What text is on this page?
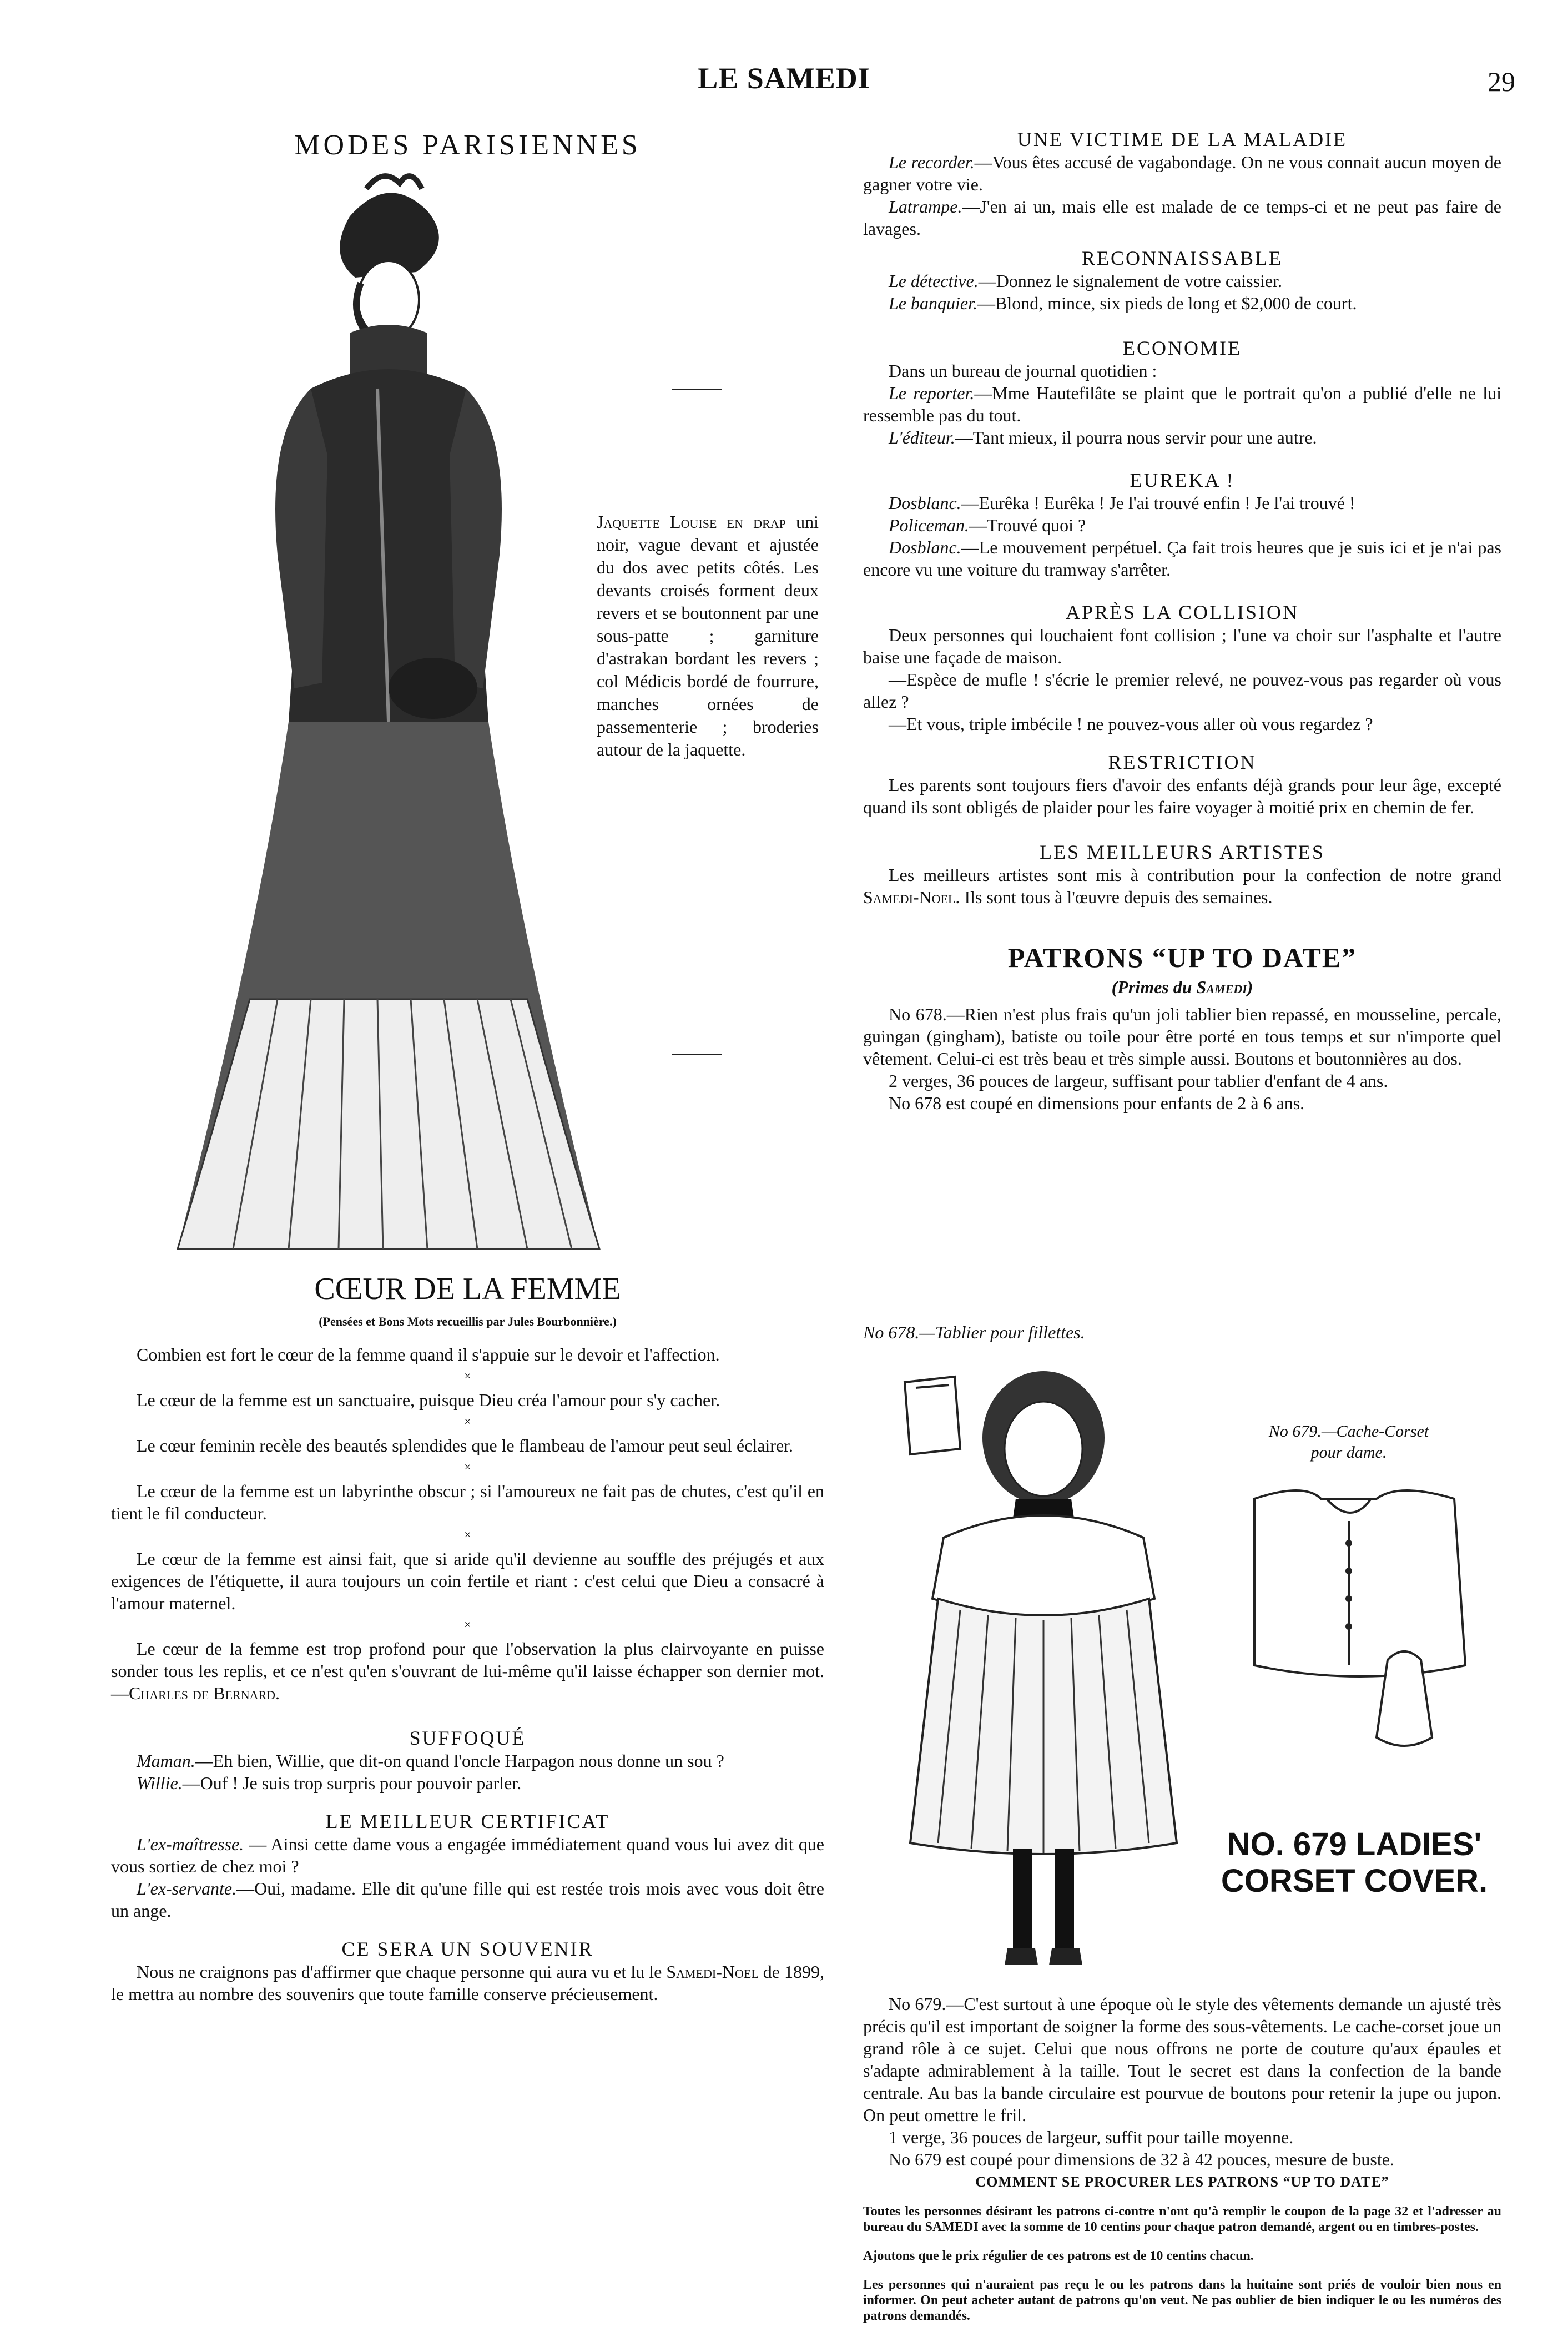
LE SAMEDI	29
MODES PARISIENNES
Jaquette Louise en drap uni noir, vague devant et ajustée du dos avec petits côtés. Les devants croisés forment deux revers et se boutonnent par une sous-patte ; garniture d'astrakan bordant les revers ; col Médicis bordé de fourrure, manches ornées de passementerie ; broderies autour de la jaquette.
CŒUR DE LA FEMME
(Pensées et Bons Mots recueillis par Jules Bourbonnière.)

Combien est fort le cœur de la femme quand il s'appuie sur le devoir et l'affection.

×

Le cœur de la femme est un sanctuaire, puisque Dieu créa l'amour pour s'y cacher.

×

Le cœur feminin recèle des beautés splendides que le flambeau de l'amour peut seul éclairer.

×

Le cœur de la femme est un labyrinthe obscur ; si l'amoureux ne fait pas de chutes, c'est qu'il en tient le fil conducteur.

×

Le cœur de la femme est ainsi fait, que si aride qu'il devienne au souffle des préjugés et aux exigences de l'étiquette, il aura toujours un coin fertile et riant : c'est celui que Dieu a consacré à l'amour maternel.

×

Le cœur de la femme est trop profond pour que l'observation la plus clairvoyante en puisse sonder tous les replis, et ce n'est qu'en s'ouvrant de lui-même qu'il laisse échapper son dernier mot.—Charles de Bernard.

SUFFOQUÉ

Maman.—Eh bien, Willie, que dit-on quand l'oncle Harpagon nous donne un sou ?

Willie.—Ouf ! Je suis trop surpris pour pouvoir parler.

LE MEILLEUR CERTIFICAT

L'ex-maîtresse. — Ainsi cette dame vous a engagée immédiatement quand vous lui avez dit que vous sortiez de chez moi ?

L'ex-servante.—Oui, madame. Elle dit qu'une fille qui est restée trois mois avec vous doit être un ange.

CE SERA UN SOUVENIR

Nous ne craignons pas d'affirmer que chaque personne qui aura vu et lu le Samedi-Noel de 1899, le mettra au nombre des souvenirs que toute famille conserve précieusement.

UNE VICTIME DE LA MALADIE

Le recorder.—Vous êtes accusé de vagabondage. On ne vous connait aucun moyen de gagner votre vie.

Latrampe.—J'en ai un, mais elle est malade de ce temps-ci et ne peut pas faire de lavages.

RECONNAISSABLE

Le détective.—Donnez le signalement de votre caissier.

Le banquier.—Blond, mince, six pieds de long et $2,000 de court.

ECONOMIE

Dans un bureau de journal quotidien :

Le reporter.—Mme Hautefilâte se plaint que le portrait qu'on a publié d'elle ne lui ressemble pas du tout.

L'éditeur.—Tant mieux, il pourra nous servir pour une autre.

EUREKA !

Dosblanc.—Eurêka ! Eurêka ! Je l'ai trouvé enfin ! Je l'ai trouvé !

Policeman.—Trouvé quoi ?

Dosblanc.—Le mouvement perpétuel. Ça fait trois heures que je suis ici et je n'ai pas encore vu une voiture du tramway s'arrêter.

APRÈS LA COLLISION

Deux personnes qui louchaient font collision ; l'une va choir sur l'asphalte et l'autre baise une façade de maison.

—Espèce de mufle ! s'écrie le premier relevé, ne pouvez-vous pas regarder où vous allez ?

—Et vous, triple imbécile ! ne pouvez-vous aller où vous regardez ?

RESTRICTION

Les parents sont toujours fiers d'avoir des enfants déjà grands pour leur âge, excepté quand ils sont obligés de plaider pour les faire voyager à moitié prix en chemin de fer.

LES MEILLEURS ARTISTES

Les meilleurs artistes sont mis à contribution pour la confection de notre grand Samedi-Noel. Ils sont tous à l'œuvre depuis des semaines.

PATRONS “UP TO DATE”

(Primes du Samedi)

No 678.—Rien n'est plus frais qu'un joli tablier bien repassé, en mousseline, percale, guingan (gingham), batiste ou toile pour être porté en tous temps et sur n'importe quel vêtement. Celui-ci est très beau et très simple aussi. Boutons et boutonnières au dos.

2 verges, 36 pouces de largeur, suffisant pour tablier d'enfant de 4 ans.

No 678 est coupé en dimensions pour enfants de 2 à 6 ans.

No 678.—Tablier pour fillettes.
No 679.—Cache-Corset
pour dame.
NO. 679 LADIES'
CORSET COVER.

No 679.—C'est surtout à une époque où le style des vêtements demande un ajusté très précis qu'il est important de soigner la forme des sous-vêtements. Le cache-corset joue un grand rôle à ce sujet. Celui que nous offrons ne porte de couture qu'aux épaules et s'adapte admirablement à la taille. Tout le secret est dans la confection de la bande centrale. Au bas la bande circulaire est pourvue de boutons pour retenir la jupe ou jupon. On peut omettre le fril.

1 verge, 36 pouces de largeur, suffit pour taille moyenne.

No 679 est coupé pour dimensions de 32 à 42 pouces, mesure de buste.

COMMENT SE PROCURER LES PATRONS “UP TO DATE”

Toutes les personnes désirant les patrons ci-contre n'ont qu'à remplir le coupon de la page 32 et l'adresser au bureau du SAMEDI avec la somme de 10 centins pour chaque patron demandé, argent ou en timbres-postes.

Ajoutons que le prix régulier de ces patrons est de 10 centins chacun.

Les personnes qui n'auraient pas reçu le ou les patrons dans la huitaine sont priés de vouloir bien nous en informer. On peut acheter autant de patrons qu'on veut. Ne pas oublier de bien indiquer le ou les numéros des patrons demandés.
